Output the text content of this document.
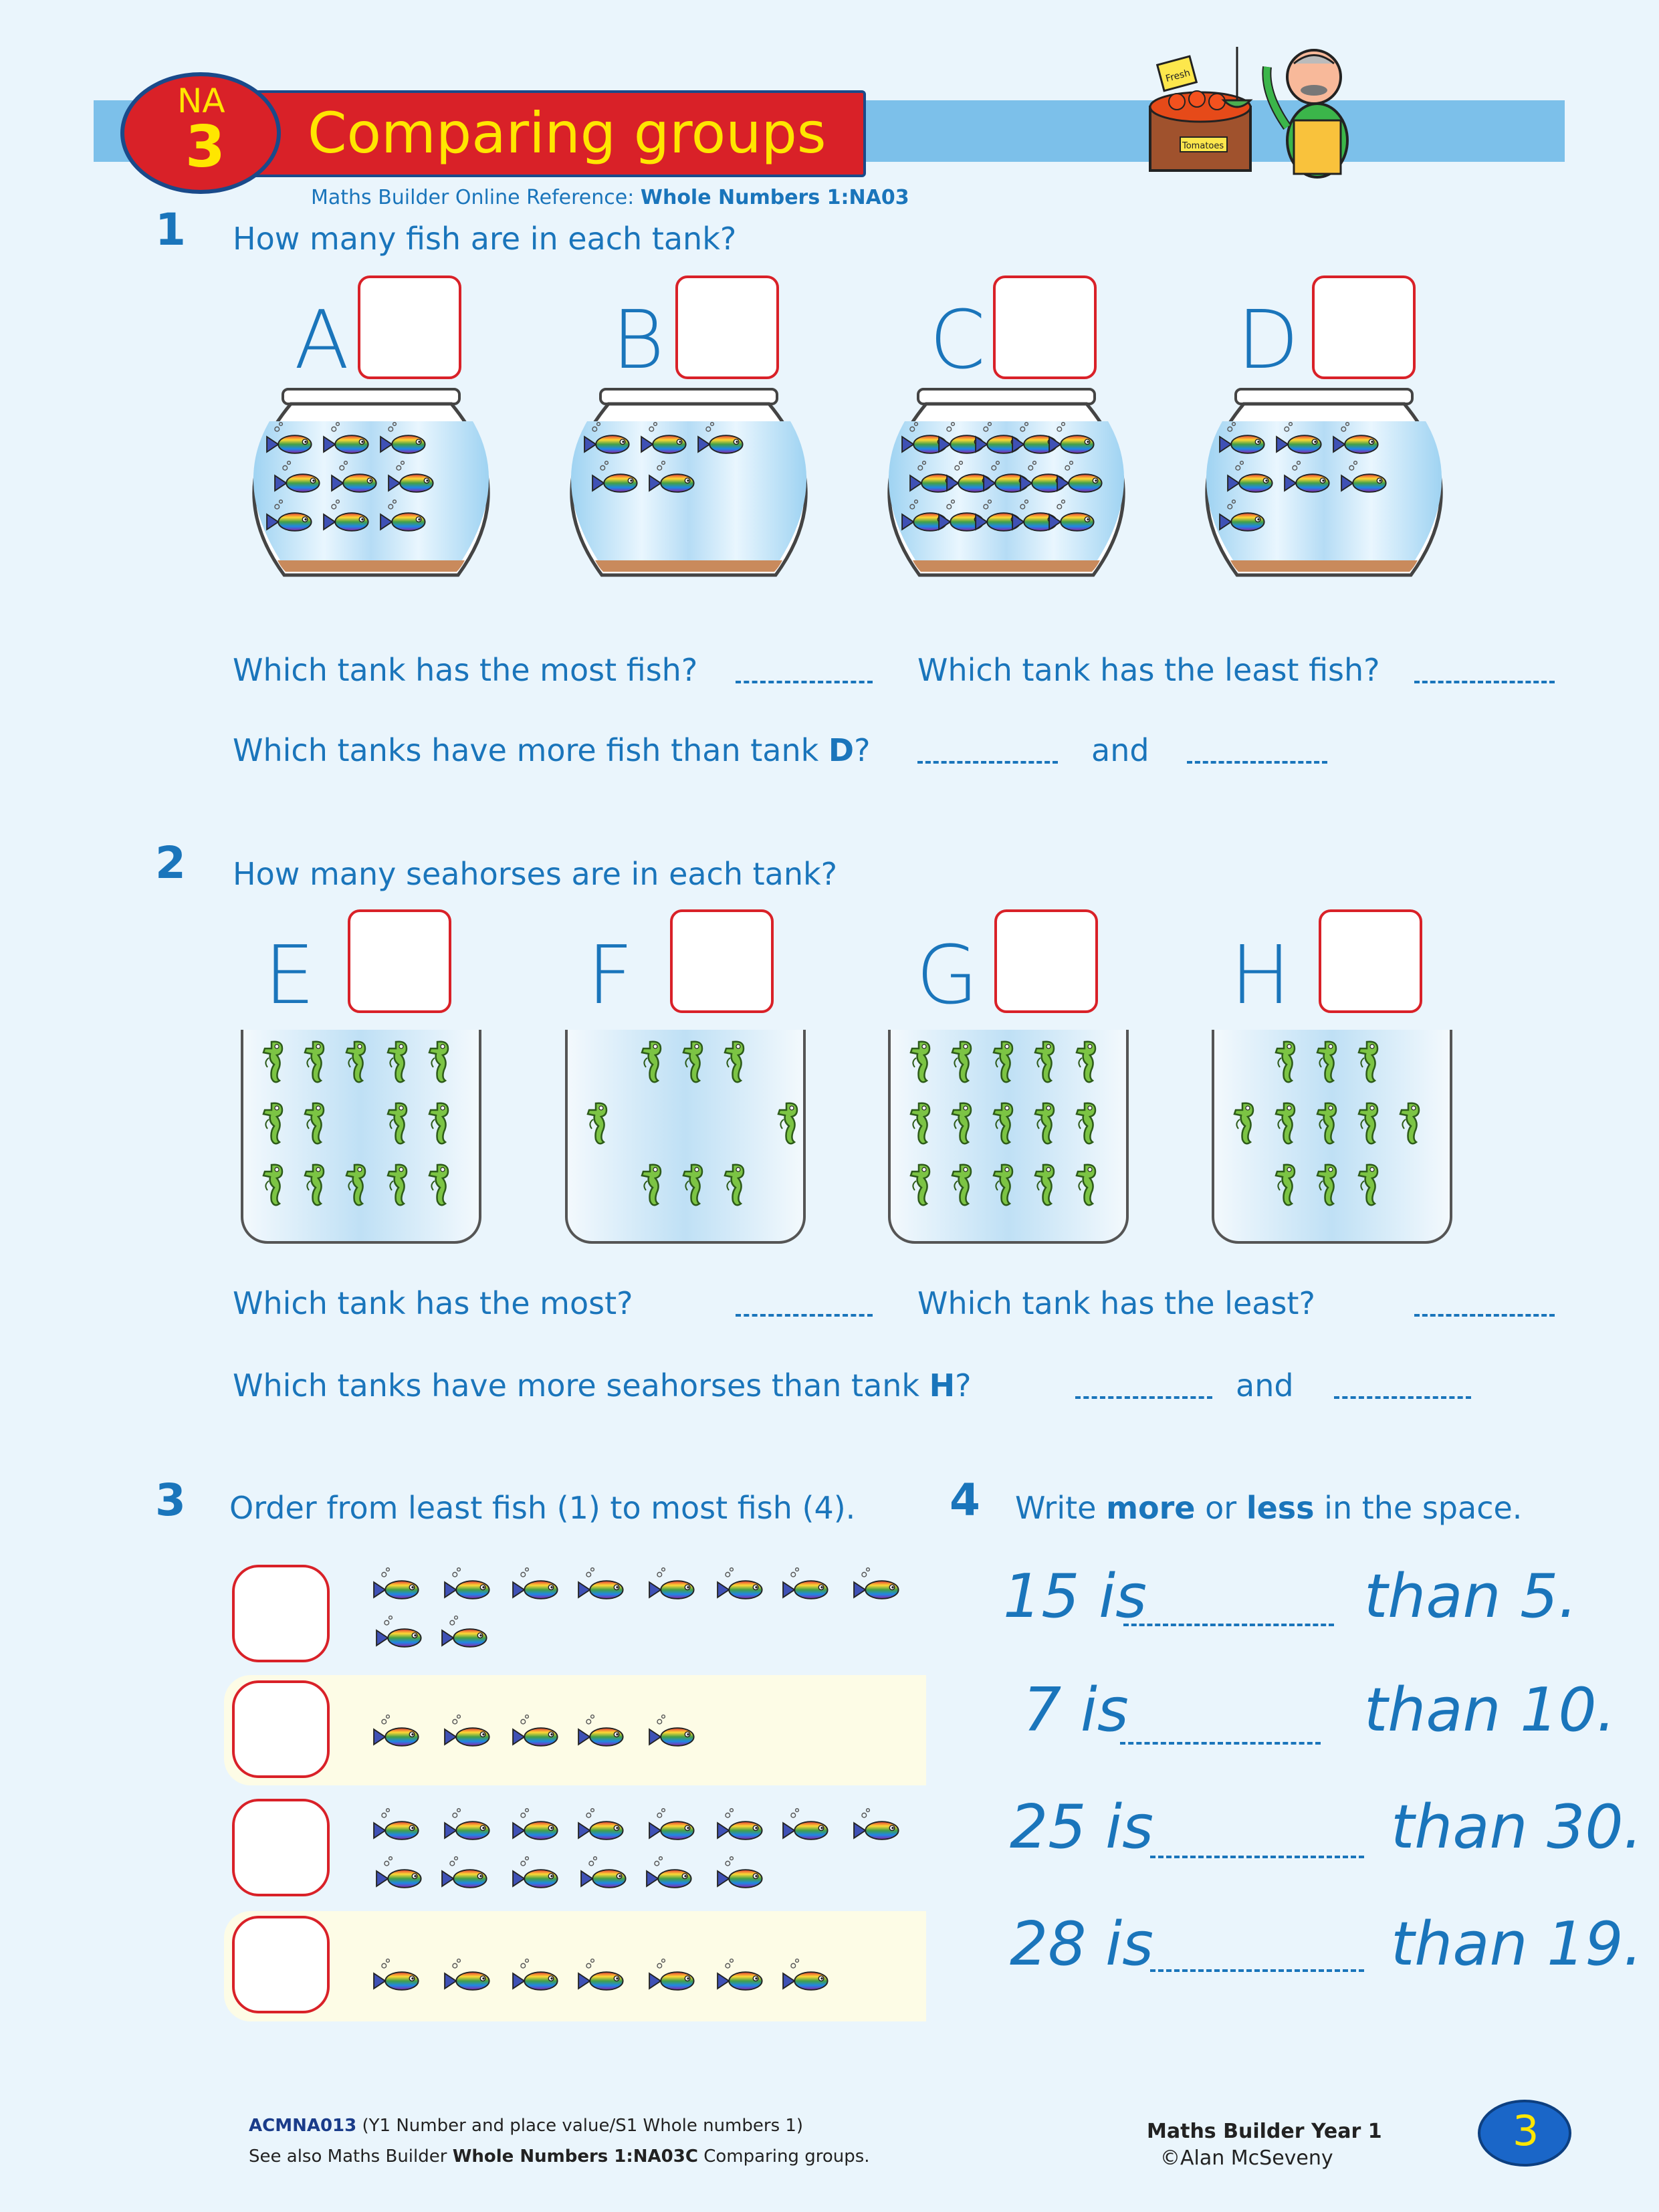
Comparing groups
NA
3
Maths Builder Online Reference: Whole Numbers 1:NA03
Fresh
Tomatoes
1 How many fish are in each tank?
A	B	C	D
Which tank has the most fish?	Which tank has the least fish?
Which tanks have more fish than tank D?	and
2 How many seahorses are in each tank?
E	F	G	H
Which tank has the most?	Which tank has the least?
Which tanks have more seahorses than tank H?	and
3 Order from least fish (1) to most fish (4). 4 Write more or less in the space.
15 is	than 5.
7 is	than 10.
25 is	than 30.
28 is	than 19.
ACMNA013 (Y1 Number and place value/S1 Whole numbers 1)
See also Maths Builder Whole Numbers 1:NA03C Comparing groups.
Maths Builder Year 1
©Alan McSeveny
3
